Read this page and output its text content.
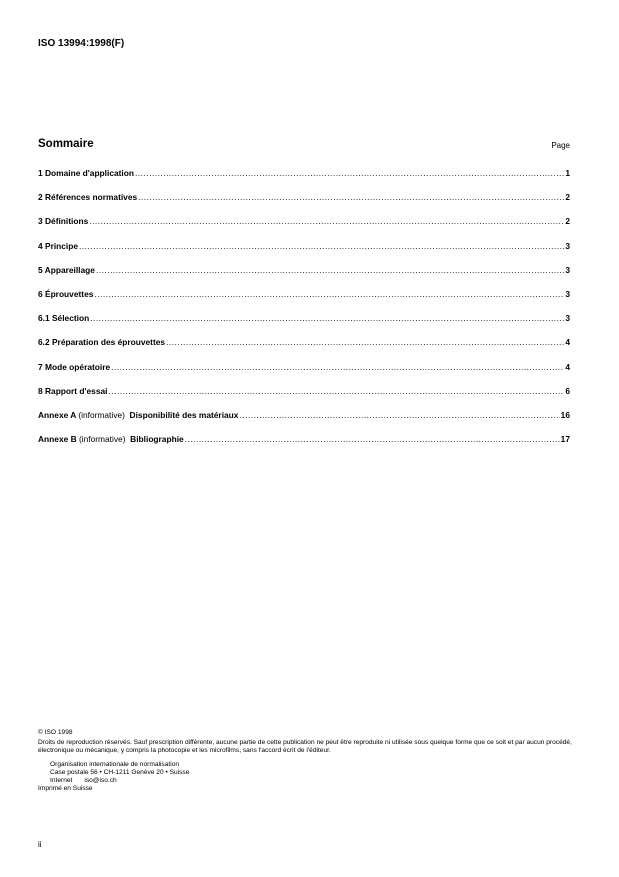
ISO 13994:1998(F)
Sommaire	Page
1 Domaine d'application .....	1
2 Références normatives .....	2
3 Définitions .....	2
4 Principe .....	3
5 Appareillage .....	3
6 Éprouvettes .....	3
6.1 Sélection .....	3
6.2 Préparation des éprouvettes .....	4
7 Mode opératoire .....	4
8 Rapport d'essai .....	6
Annexe A (informative) Disponibilité des matériaux .....	16
Annexe B (informative) Bibliographie .....	17
© ISO 1998
Droits de reproduction réservés. Sauf prescription différente, aucune partie de cette publication ne peut être reproduite ni utilisée sous quelque forme que ce soit et par aucun procédé, électronique ou mécanique, y compris la photocopie et les microfilms, sans l'accord écrit de l'éditeur.
Organisation internationale de normalisation
Case postale 56 • CH-1211 Genève 20 • Suisse
Internet iso@iso.ch
Imprimé en Suisse
ii
